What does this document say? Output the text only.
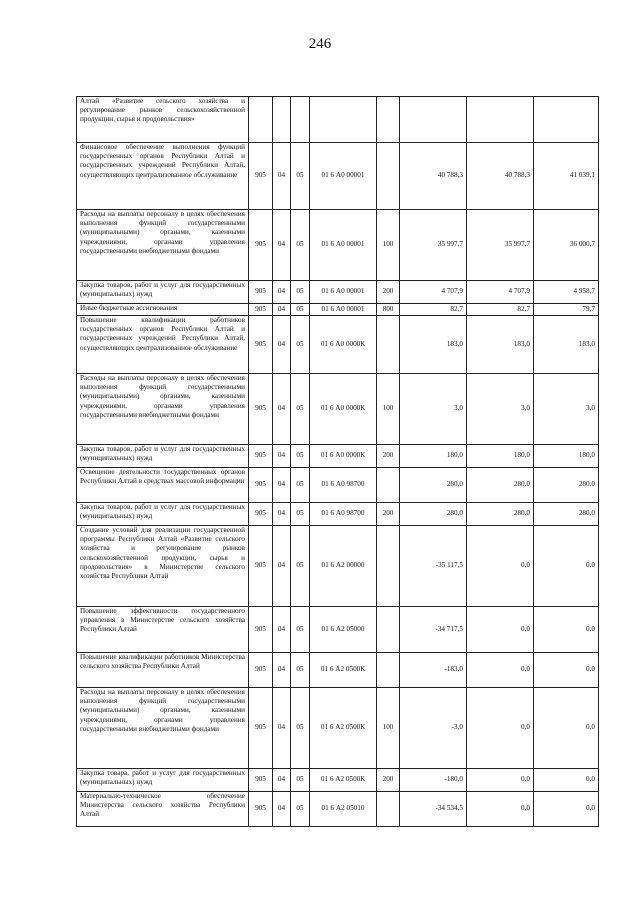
246
Алтай «Развитие сельского хозяйства и регулирование рынков сельскохозяйственной продукции, сырья и продовольствия»								
Финансовое обеспечение выполнения функций государственных органов Республики Алтай и государственных учреждений Республики Алтай, осуществляющих централизованное обслуживание	905	04	05	01 6 А0 00001		40 788,3	40 788,3	41 039,1
Расходы на выплаты персоналу в целях обеспечения выполнения функций государственными (муниципальными) органами, казенными учреждениями, органами управления государственными внебюджетными фондами	905	04	05	01 6 А0 00001	100	35 997,7	35 997,7	36 000,7
Закупка товаров, работ и услуг для государственных (муниципальных) нужд	905	04	05	01 6 А0 00001	200	4 707,9	4 707,9	4 958,7
Иные бюджетные ассигнования	905	04	05	01 6 А0 00001	800	82,7	82,7	79,7
Повышение квалификации работников государственных органов Республики Алтай и государственных учреждений Республики Алтай, осуществляющих централизованное обслуживание	905	04	05	01 6 А0 0000К		183,0	183,0	183,0
Расходы на выплаты персоналу в целях обеспечения выполнения функций государственными (муниципальными) органами, казенными учреждениями, органами управления государственными внебюджетными фондами	905	04	05	01 6 А0 0000К	100	3,0	3,0	3,0
Закупка товаров, работ и услуг для государственных (муниципальных) нужд	905	04	05	01 6 А0 0000К	200	180,0	180,0	180,0
Освещение деятельности государственных органов Республики Алтай в средствах массовой информации	905	04	05	01 6 А0 98700		280,0	280,0	280,0
Закупка товаров, работ и услуг для государственных (муниципальных) нужд	905	04	05	01 6 А0 98700	200	280,0	280,0	280,0
Создание условий для реализации государственной программы Республики Алтай «Развитие сельского хозяйства и регулирование рынков сельскохозяйственной продукции, сырья и продовольствия» в Министерстве сельского хозяйства Республики Алтай	905	04	05	01 6 А2 00000		-35 117,5	0,0	0,0
Повышение эффективности государственного управления в Министерстве сельского хозяйства Республики Алтай	905	04	05	01 6 А2 05000		-34 717,5	0,0	0,0
Повышение квалификации работников Министерства сельского хозяйства Республики Алтай	905	04	05	01 6 А2 0500К		-183,0	0,0	0,0
Расходы на выплаты персоналу в целях обеспечения выполнения функций государственными (муниципальными) органами, казенными учреждениями, органами управления государственными внебюджетными фондами	905	04	05	01 6 А2 0500К	100	-3,0	0,0	0,0
Закупка товара, работ и услуг для государственных (муниципальных) нужд	905	04	05	01 6 А2 0500К	200	-180,0	0,0	0,0
Материально-техническое обеспечение Министерства сельского хозяйства Республики Алтай	905	04	05	01 6 А2 05010		-34 534,5	0,0	0,0
